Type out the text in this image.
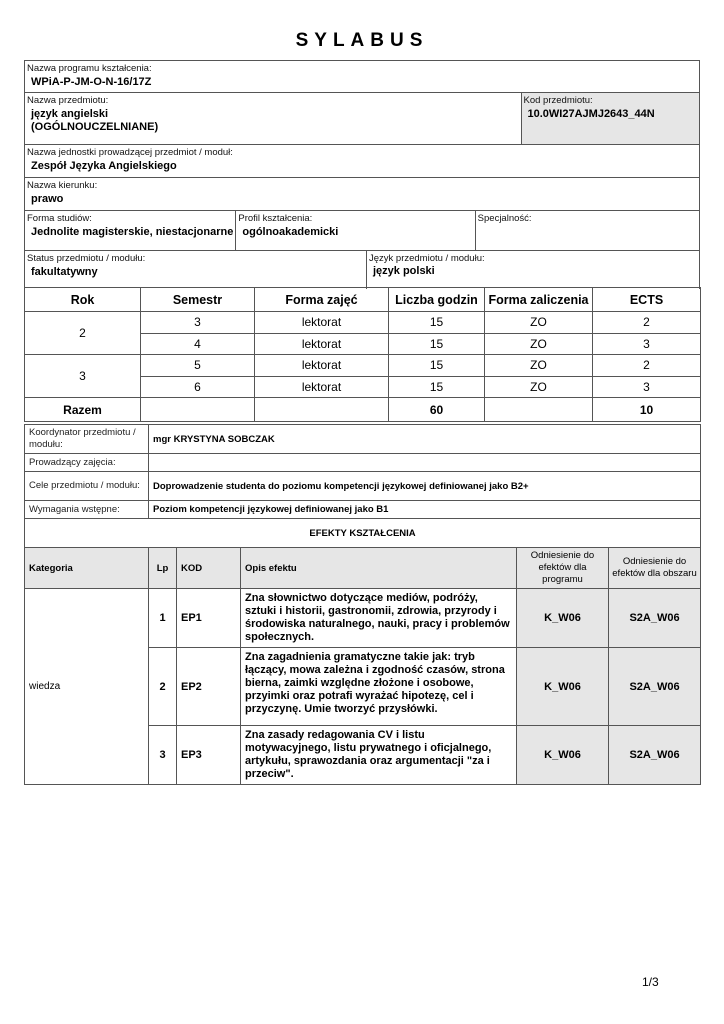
SYLABUS
Nazwa programu kształcenia:
WPiA-P-JM-O-N-16/17Z
Nazwa przedmiotu:
język angielski
(OGÓLNOUCZELNIANE)
Kod przedmiotu:
10.0WI27AJMJ2643_44N
Nazwa jednostki prowadzącej przedmiot / moduł:
Zespół Języka Angielskiego
Nazwa kierunku:
prawo
Forma studiów:
Jednolite magisterskie, niestacjonarne
Profil kształcenia:
ogólnoakademicki
Specjalność:
Status przedmiotu / modułu:
fakultatywny
Język przedmiotu / modułu:
język polski
Rok	Semestr	Forma zajęć	Liczba godzin	Forma zaliczenia	ECTS
2	3	lektorat	15	ZO	2
	4	lektorat	15	ZO	3
3	5	lektorat	15	ZO	2
	6	lektorat	15	ZO	3
Razem			60		10
Koordynator przedmiotu / modułu:	mgr KRYSTYNA SOBCZAK				
Prowadzący zajęcia:					
Cele przedmiotu / modułu:	Doprowadzenie studenta do poziomu kompetencji językowej definiowanej jako B2+				
Wymagania wstępne:	Poziom kompetencji językowej definiowanej jako B1				
EFEKTY KSZTAŁCENIA					
Kategoria	Lp	KOD	Opis efektu	Odniesienie do efektów dla programu	Odniesienie do efektów dla obszaru
wiedza	1	EP1	Zna słownictwo dotyczące mediów, podróży, sztuki i historii, gastronomii, zdrowia, przyrody i środowiska naturalnego, nauki, pracy i problemów społecznych.	K_W06	S2A_W06
	2	EP2	Zna zagadnienia gramatyczne takie jak: tryb łączący, mowa zależna i zgodność czasów, strona bierna, zaimki względne złożone i osobowe, przyimki oraz potrafi wyrażać hipotezę, cel i przyczynę. Umie tworzyć przysłówki.	K_W06	S2A_W06
	3	EP3	Zna zasady redagowania CV i listu motywacyjnego, listu prywatnego i oficjalnego, artykułu, sprawozdania oraz argumentacji "za i przeciw".	K_W06	S2A_W06
1/3
